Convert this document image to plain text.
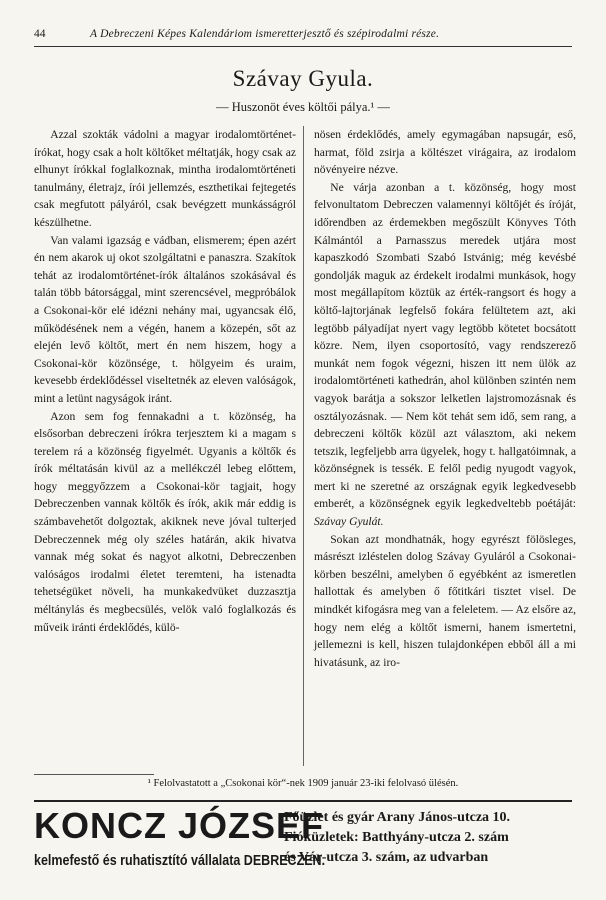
44	A Debreczeni Képes Kalendáriom ismeretterjesztő és szépirodalmi része.
Szávay Gyula.
— Huszonöt éves költői pálya.¹ —

Azzal szokták vádolni a magyar irodalomtörténet-írókat, hogy csak a holt költőket méltatják, hogy csak az elhunyt írókkal foglalkoznak, mintha irodalomtörténeti tanulmány, életrajz, írói jellemzés, eszthetikai fejtegetés csak megfutott pályáról, csak bevégzett munkásságról készülhetne.

Van valami igazság e vádban, elismerem; épen azért én nem akarok uj okot szolgáltatni e panaszra. Szakítok tehát az irodalomtörténet-írók általános szokásával és talán több bátorsággal, mint szerencsével, megpróbálok a Csokonai-kör elé idézni nehány mai, ugyancsak élő, működésének nem a végén, hanem a közepén, sőt az elején levő költőt, mert én nem hiszem, hogy a Csokonai-kör közönsége, t. hölgyeim és uraim, kevesebb érdeklődéssel viseltetnék az eleven valóságok, mint a letünt nagyságok iránt.

Azon sem fog fennakadni a t. közönség, ha elsősorban debreczeni írókra terjesztem ki a magam s terelem rá a közönség figyelmét. Ugyanis a költők és írók méltatásán kivül az a mellékczél lebeg előttem, hogy meggyőzzem a Csokonai-kör tagjait, hogy Debreczenben vannak költők és írók, akik már eddig is számbavehetőt dolgoztak, akiknek neve jóval tulterjed Debreczennek még oly széles határán, akik hivatva vannak még sokat és nagyot alkotni, Debreczenben valóságos irodalmi életet teremteni, ha istenadta tehetségüket növeli, ha munkakedvüket duzzasztja méltánylás és megbecsülés, velök való foglalkozás és műveik iránti érdeklődés, külö-

nösen érdeklődés, amely egymagában napsugár, eső, harmat, föld zsirja a költészet virágaira, az irodalom növényeire nézve.

Ne várja azonban a t. közönség, hogy most felvonultatom Debreczen valamennyi költőjét és íróját, időrendben az érdemekben megőszült Könyves Tóth Kálmántól a Parnasszus meredek utjára most kapaszkodó Szombati Szabó Istvánig; még kevésbé gondolják maguk az érdekelt irodalmi munkások, hogy most megállapítom köztük az érték-rangsort és hogy a költő-lajtorjának legfelső fokára felültetem azt, aki legtöbb pályadíjat nyert vagy legtöbb kötetet bocsátott közre. Nem, ilyen csoportosító, vagy rendszerező munkát nem fogok végezni, hiszen itt nem ülök az irodalomtörténeti kathedrán, ahol különben szintén nem vagyok barátja a sokszor lelketlen lajstromozásnak és osztályozásnak. — Nem köt tehát sem idő, sem rang, a debreczeni költők közül azt választom, aki nekem tetszik, legfeljebb arra ügyelek, hogy t. hallgatóimnak, a közönségnek is tessék. E felől pedig nyugodt vagyok, mert ki ne szeretné az országnak egyik legkedvesebb emberét, a közönségnek egyik legkedveltebb poétáját: Szávay Gyulát.

Sokan azt mondhatnák, hogy egyrészt fölösleges, másrészt izléstelen dolog Szávay Gyuláról a Csokonai-körben beszélni, amelyben ő egyébként az ismeretlen hallottak és amelyben ő főtitkári tisztet visel. De mindkét kifogásra meg van a feleletem. — Az elsőre az, hogy nem elég a költőt ismerni, hanem ismertetni, jellemezni is kell, hiszen tulajdonképen ebből áll a mi hivatásunk, az iro-

¹ Felolvastatott a „Csokonai kör“-nek 1909 január 23-iki felolvasó ülésén.
KONCZ JÓZSEF
kelmefestő és ruhatisztító vállalata DEBRECZEN.
Főüzlet és gyár Arany János-utcza 10.
Fióküzletek: Batthyány-utcza 2. szám
és Vár-utcza 3. szám, az udvarban
